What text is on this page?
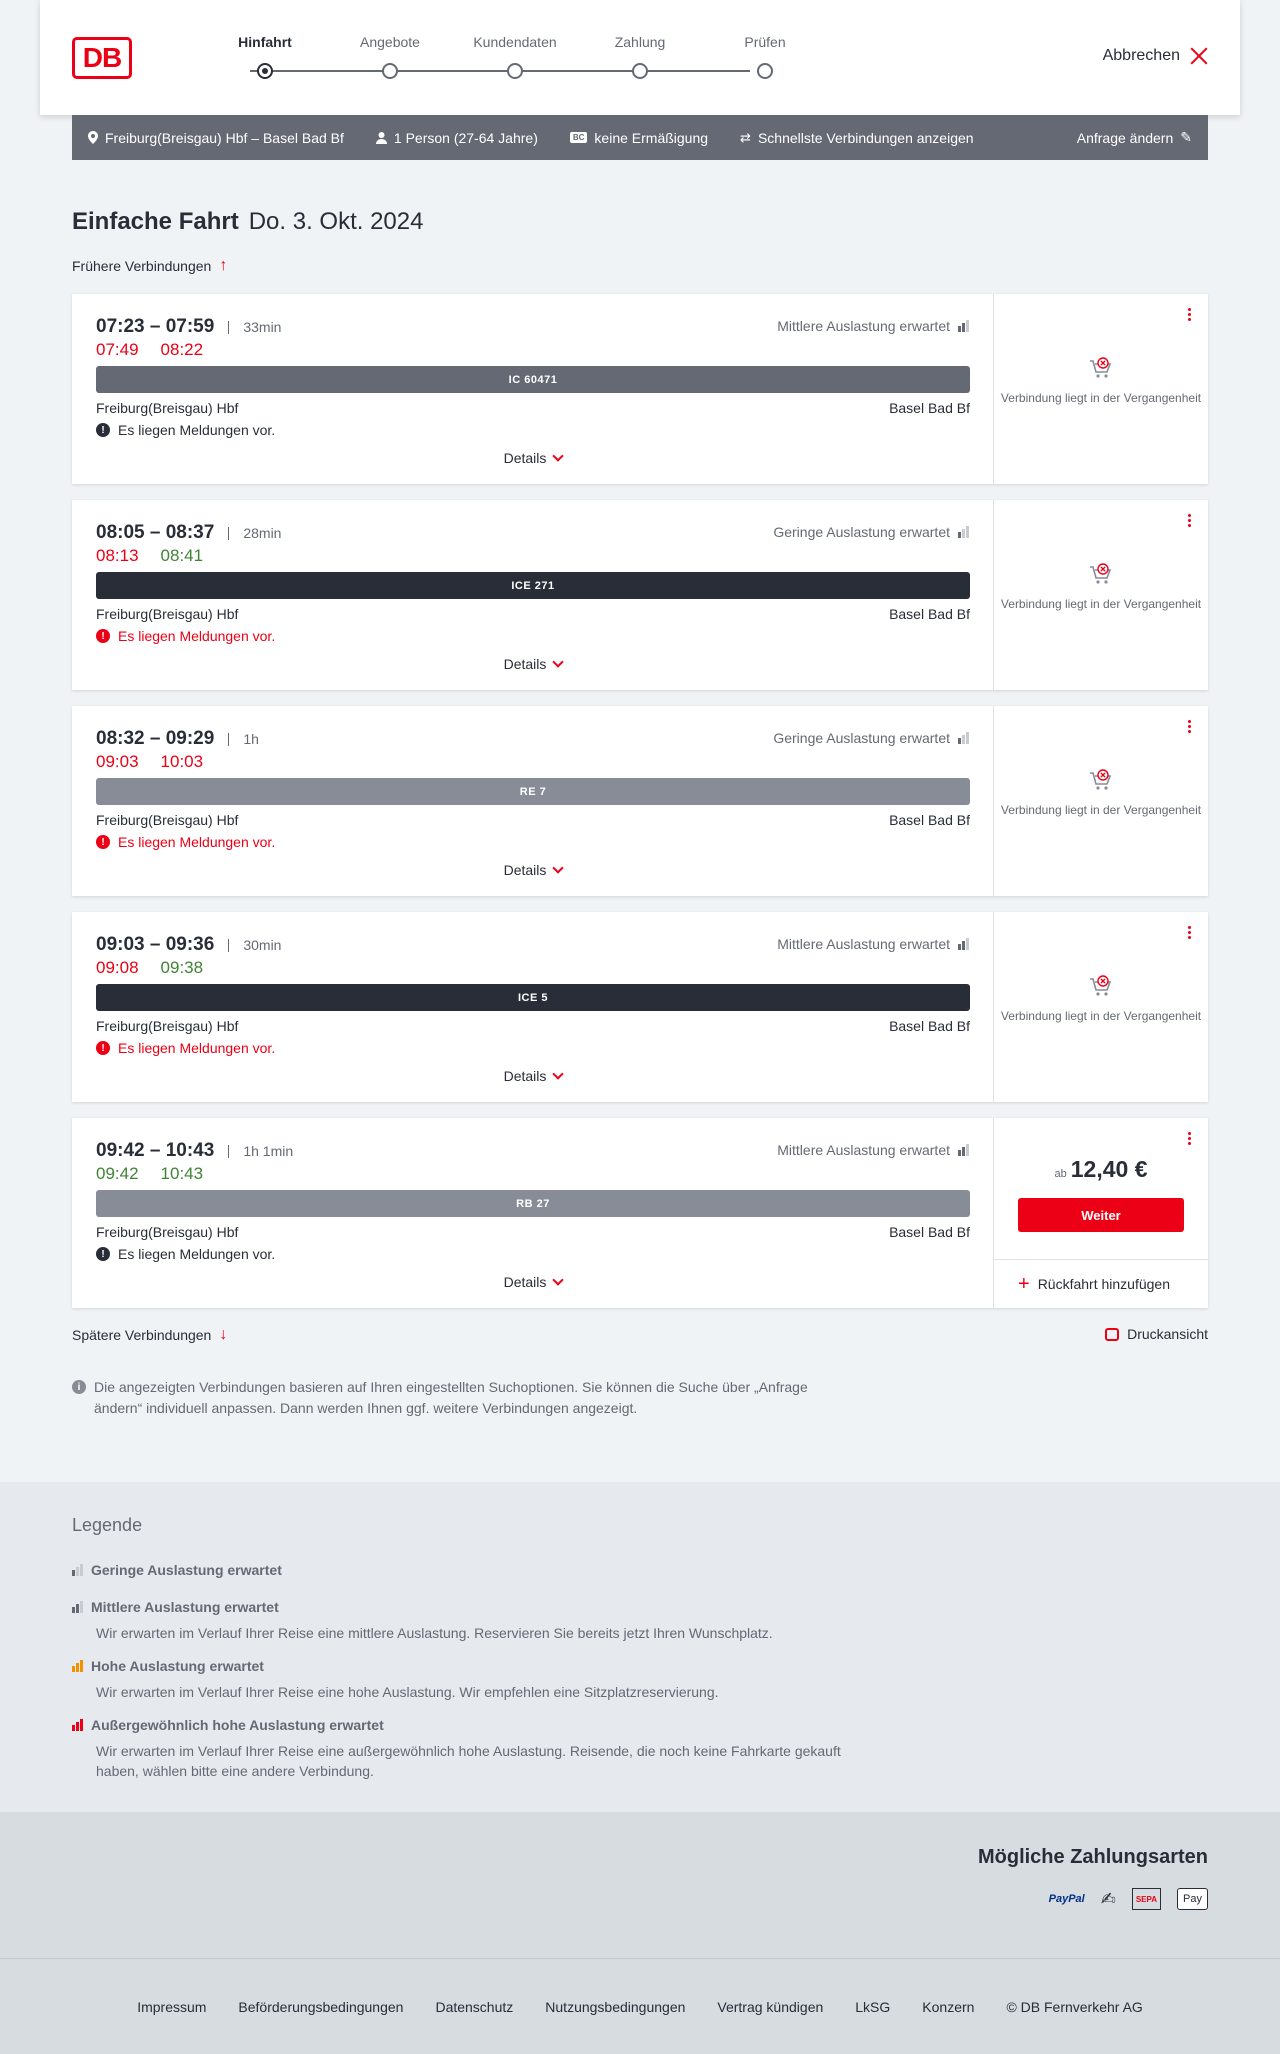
DB	Hinfahrt	Angebote	Kundendaten	Zahlung	Prüfen
Abbrechen
Freiburg(Breisgau) Hbf – Basel Bad Bf	1 Person (27-64 Jahre)	BC keine Ermäßigung ⇄ Schnellste Verbindungen anzeigen	Anfrage ändern ✎
Einfache Fahrt Do. 3. Okt. 2024
Frühere Verbindungen ↑
07:23 – 07:59	33min
07:49 08:22
Mittlere Auslastung erwartet
IC 60471
Freiburg(Breisgau) Hbf	Basel Bad Bf
! Es liegen Meldungen vor.
Details
Verbindung liegt in der Vergangenheit
08:05 – 08:37	28min
08:13 08:41
Geringe Auslastung erwartet
ICE 271
Freiburg(Breisgau) Hbf	Basel Bad Bf
! Es liegen Meldungen vor.
Details
Verbindung liegt in der Vergangenheit
08:32 – 09:29	1h
09:03 10:03
Geringe Auslastung erwartet
RE 7
Freiburg(Breisgau) Hbf	Basel Bad Bf
! Es liegen Meldungen vor.
Details
Verbindung liegt in der Vergangenheit
09:03 – 09:36	30min
09:08 09:38
Mittlere Auslastung erwartet
ICE 5
Freiburg(Breisgau) Hbf	Basel Bad Bf
! Es liegen Meldungen vor.
Details
Verbindung liegt in der Vergangenheit
09:42 – 10:43	1h 1min
09:42 10:43
Mittlere Auslastung erwartet
RB 27
Freiburg(Breisgau) Hbf	Basel Bad Bf
! Es liegen Meldungen vor.
Details
ab 12,40 €
Weiter
+ Rückfahrt hinzufügen
Spätere Verbindungen ↓	Druckansicht
i Die angezeigten Verbindungen basieren auf Ihren eingestellten Suchoptionen. Sie können die Suche über „Anfrage ändern“ individuell anpassen. Dann werden Ihnen ggf. weitere Verbindungen angezeigt.
Legende
Geringe Auslastung erwartet
Mittlere Auslastung erwartet
Wir erwarten im Verlauf Ihrer Reise eine mittlere Auslastung. Reservieren Sie bereits jetzt Ihren Wunschplatz.
Hohe Auslastung erwartet
Wir erwarten im Verlauf Ihrer Reise eine hohe Auslastung. Wir empfehlen eine Sitzplatzreservierung.
Außergewöhnlich hohe Auslastung erwartet
Wir erwarten im Verlauf Ihrer Reise eine außergewöhnlich hohe Auslastung. Reisende, die noch keine Fahrkarte gekauft haben, wählen bitte eine andere Verbindung.
Mögliche Zahlungsarten
PayPal ✍	SEPA	Pay
Impressum Beförderungsbedingungen Datenschutz Nutzungsbedingungen Vertrag kündigen LkSG Konzern © DB Fernverkehr AG
